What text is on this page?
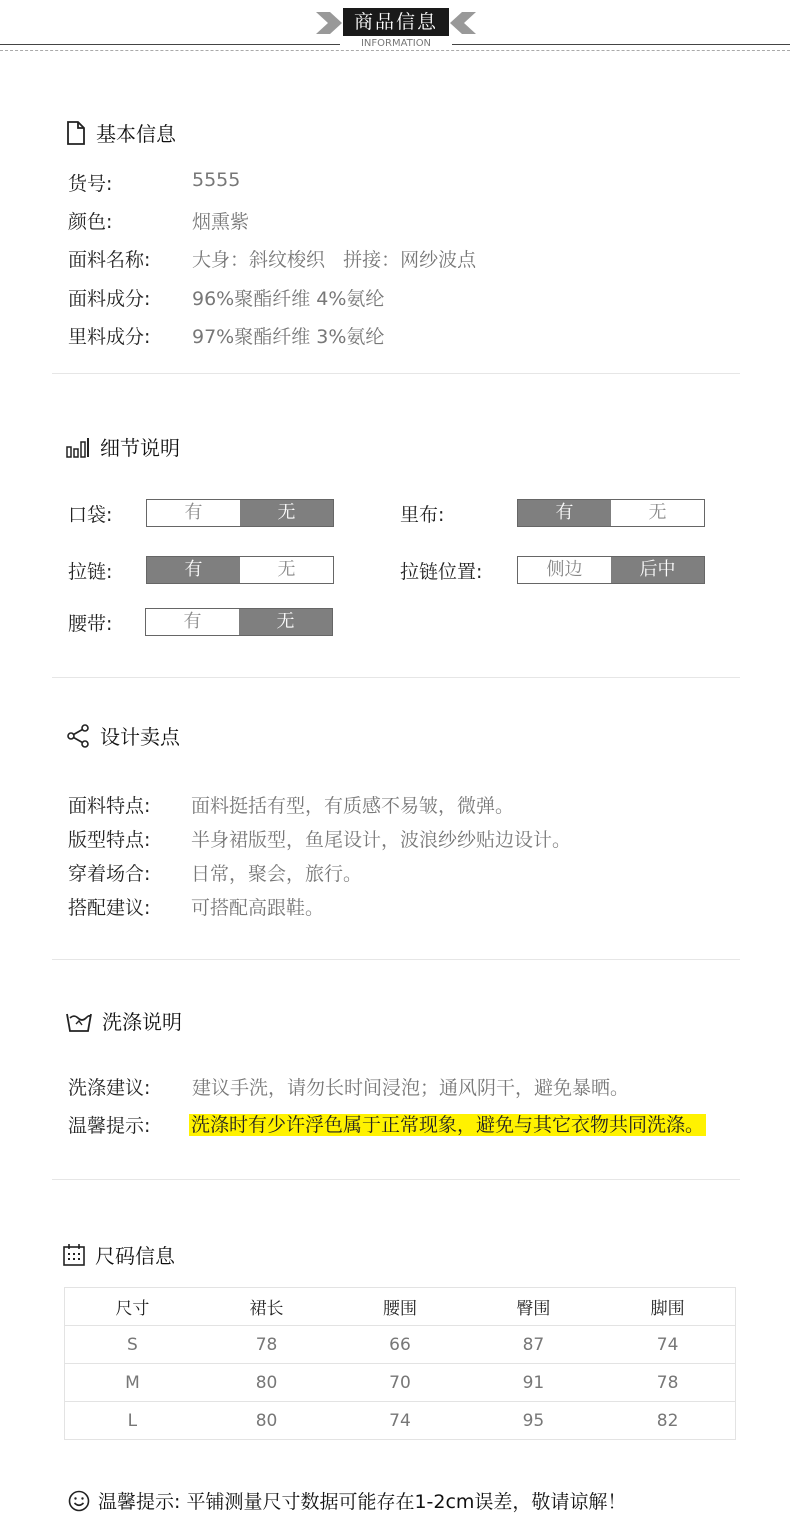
商品信息
INFORMATION
基本信息
货号:	5555
颜色:	烟熏紫
面料名称: 大身：斜纹梭织   拼接：网纱波点
面料成分: 96%聚酯纤维 4%氨纶
里料成分: 97%聚酯纤维 3%氨纶
细节说明
口袋:	有	无	里布:	有	无
拉链:	有	无	拉链位置:	侧边	后中
腰带:	有	无
设计卖点
面料特点: 面料挺括有型，有质感不易皱，微弹。
版型特点: 半身裙版型，鱼尾设计，波浪纱纱贴边设计。
穿着场合: 日常，聚会，旅行。
搭配建议: 可搭配高跟鞋。
洗涤说明
洗涤建议: 建议手洗，请勿长时间浸泡；通风阴干，避免暴晒。
温馨提示: 洗涤时有少许浮色属于正常现象，避免与其它衣物共同洗涤。
尺码信息
尺寸	裙长	腰围	臀围	脚围
S	78	66	87	74
M	80	70	91	78
L	80	74	95	82
温馨提示: 平铺测量尺寸数据可能存在1-2cm误差，敬请谅解！
